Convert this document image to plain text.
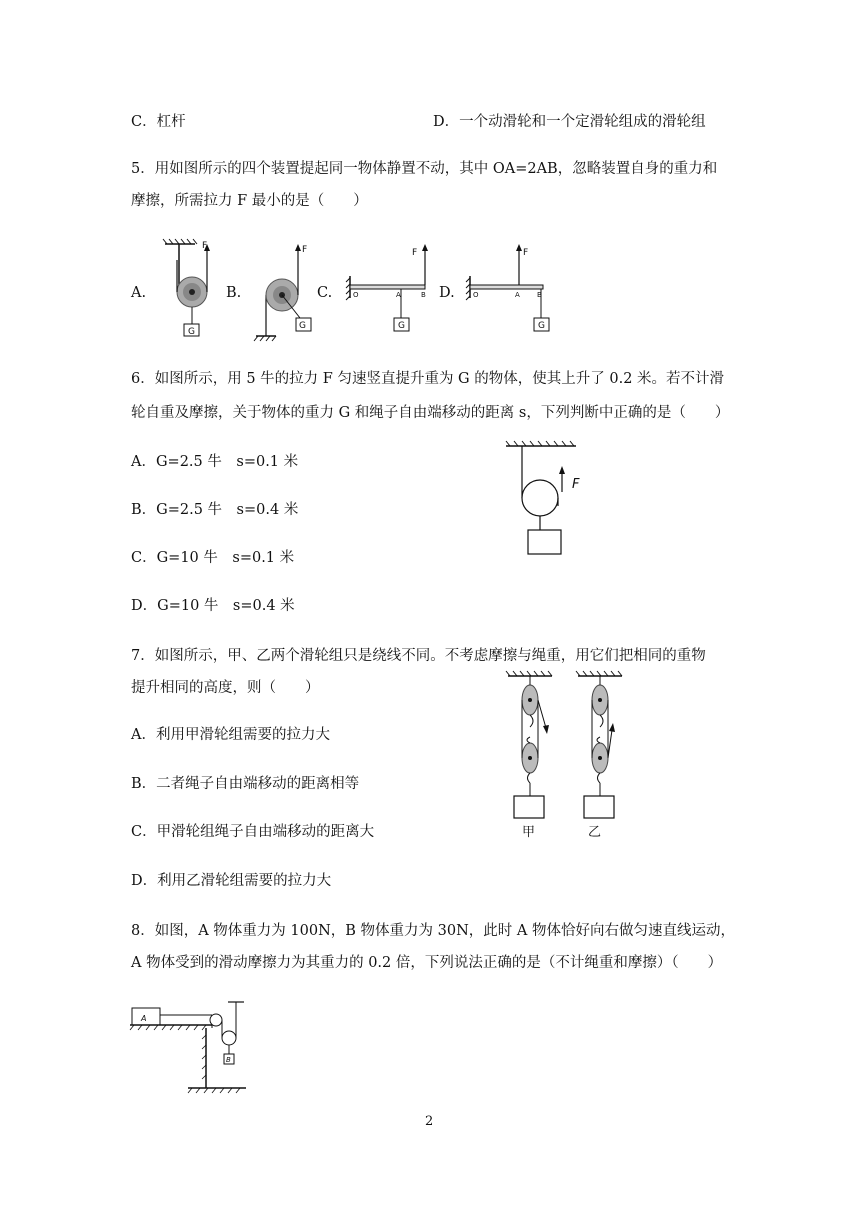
C．杠杆	D．一个动滑轮和一个定滑轮组成的滑轮组
5．用如图所示的四个装置提起同一物体静置不动，其中 OA=2AB，忽略装置自身的重力和
摩擦，所需拉力 F 最小的是（　　）
A.	B.	C.	D.
F
G
F
G
O	A	B
F
G
O	A B
F
G
6．如图所示，用 5 牛的拉力 F 匀速竖直提升重为 G 的物体，使其上升了 0.2 米。若不计滑
轮自重及摩擦，关于物体的重力 G 和绳子自由端移动的距离 s，下列判断中正确的是（　　）
A．G=2.5 牛　s=0.1 米
B．G=2.5 牛　s=0.4 米
C．G=10 牛　s=0.1 米
D．G=10 牛　s=0.4 米
F
7．如图所示，甲、乙两个滑轮组只是绕线不同。不考虑摩擦与绳重，用它们把相同的重物
提升相同的高度，则（　　）
A．利用甲滑轮组需要的拉力大
B．二者绳子自由端移动的距离相等
C．甲滑轮组绳子自由端移动的距离大
D．利用乙滑轮组需要的拉力大
甲	乙
8．如图，A 物体重力为 100N，B 物体重力为 30N，此时 A 物体恰好向右做匀速直线运动，
A 物体受到的滑动摩擦力为其重力的 0.2 倍，下列说法正确的是（不计绳重和摩擦）（　　）
A
B
2
